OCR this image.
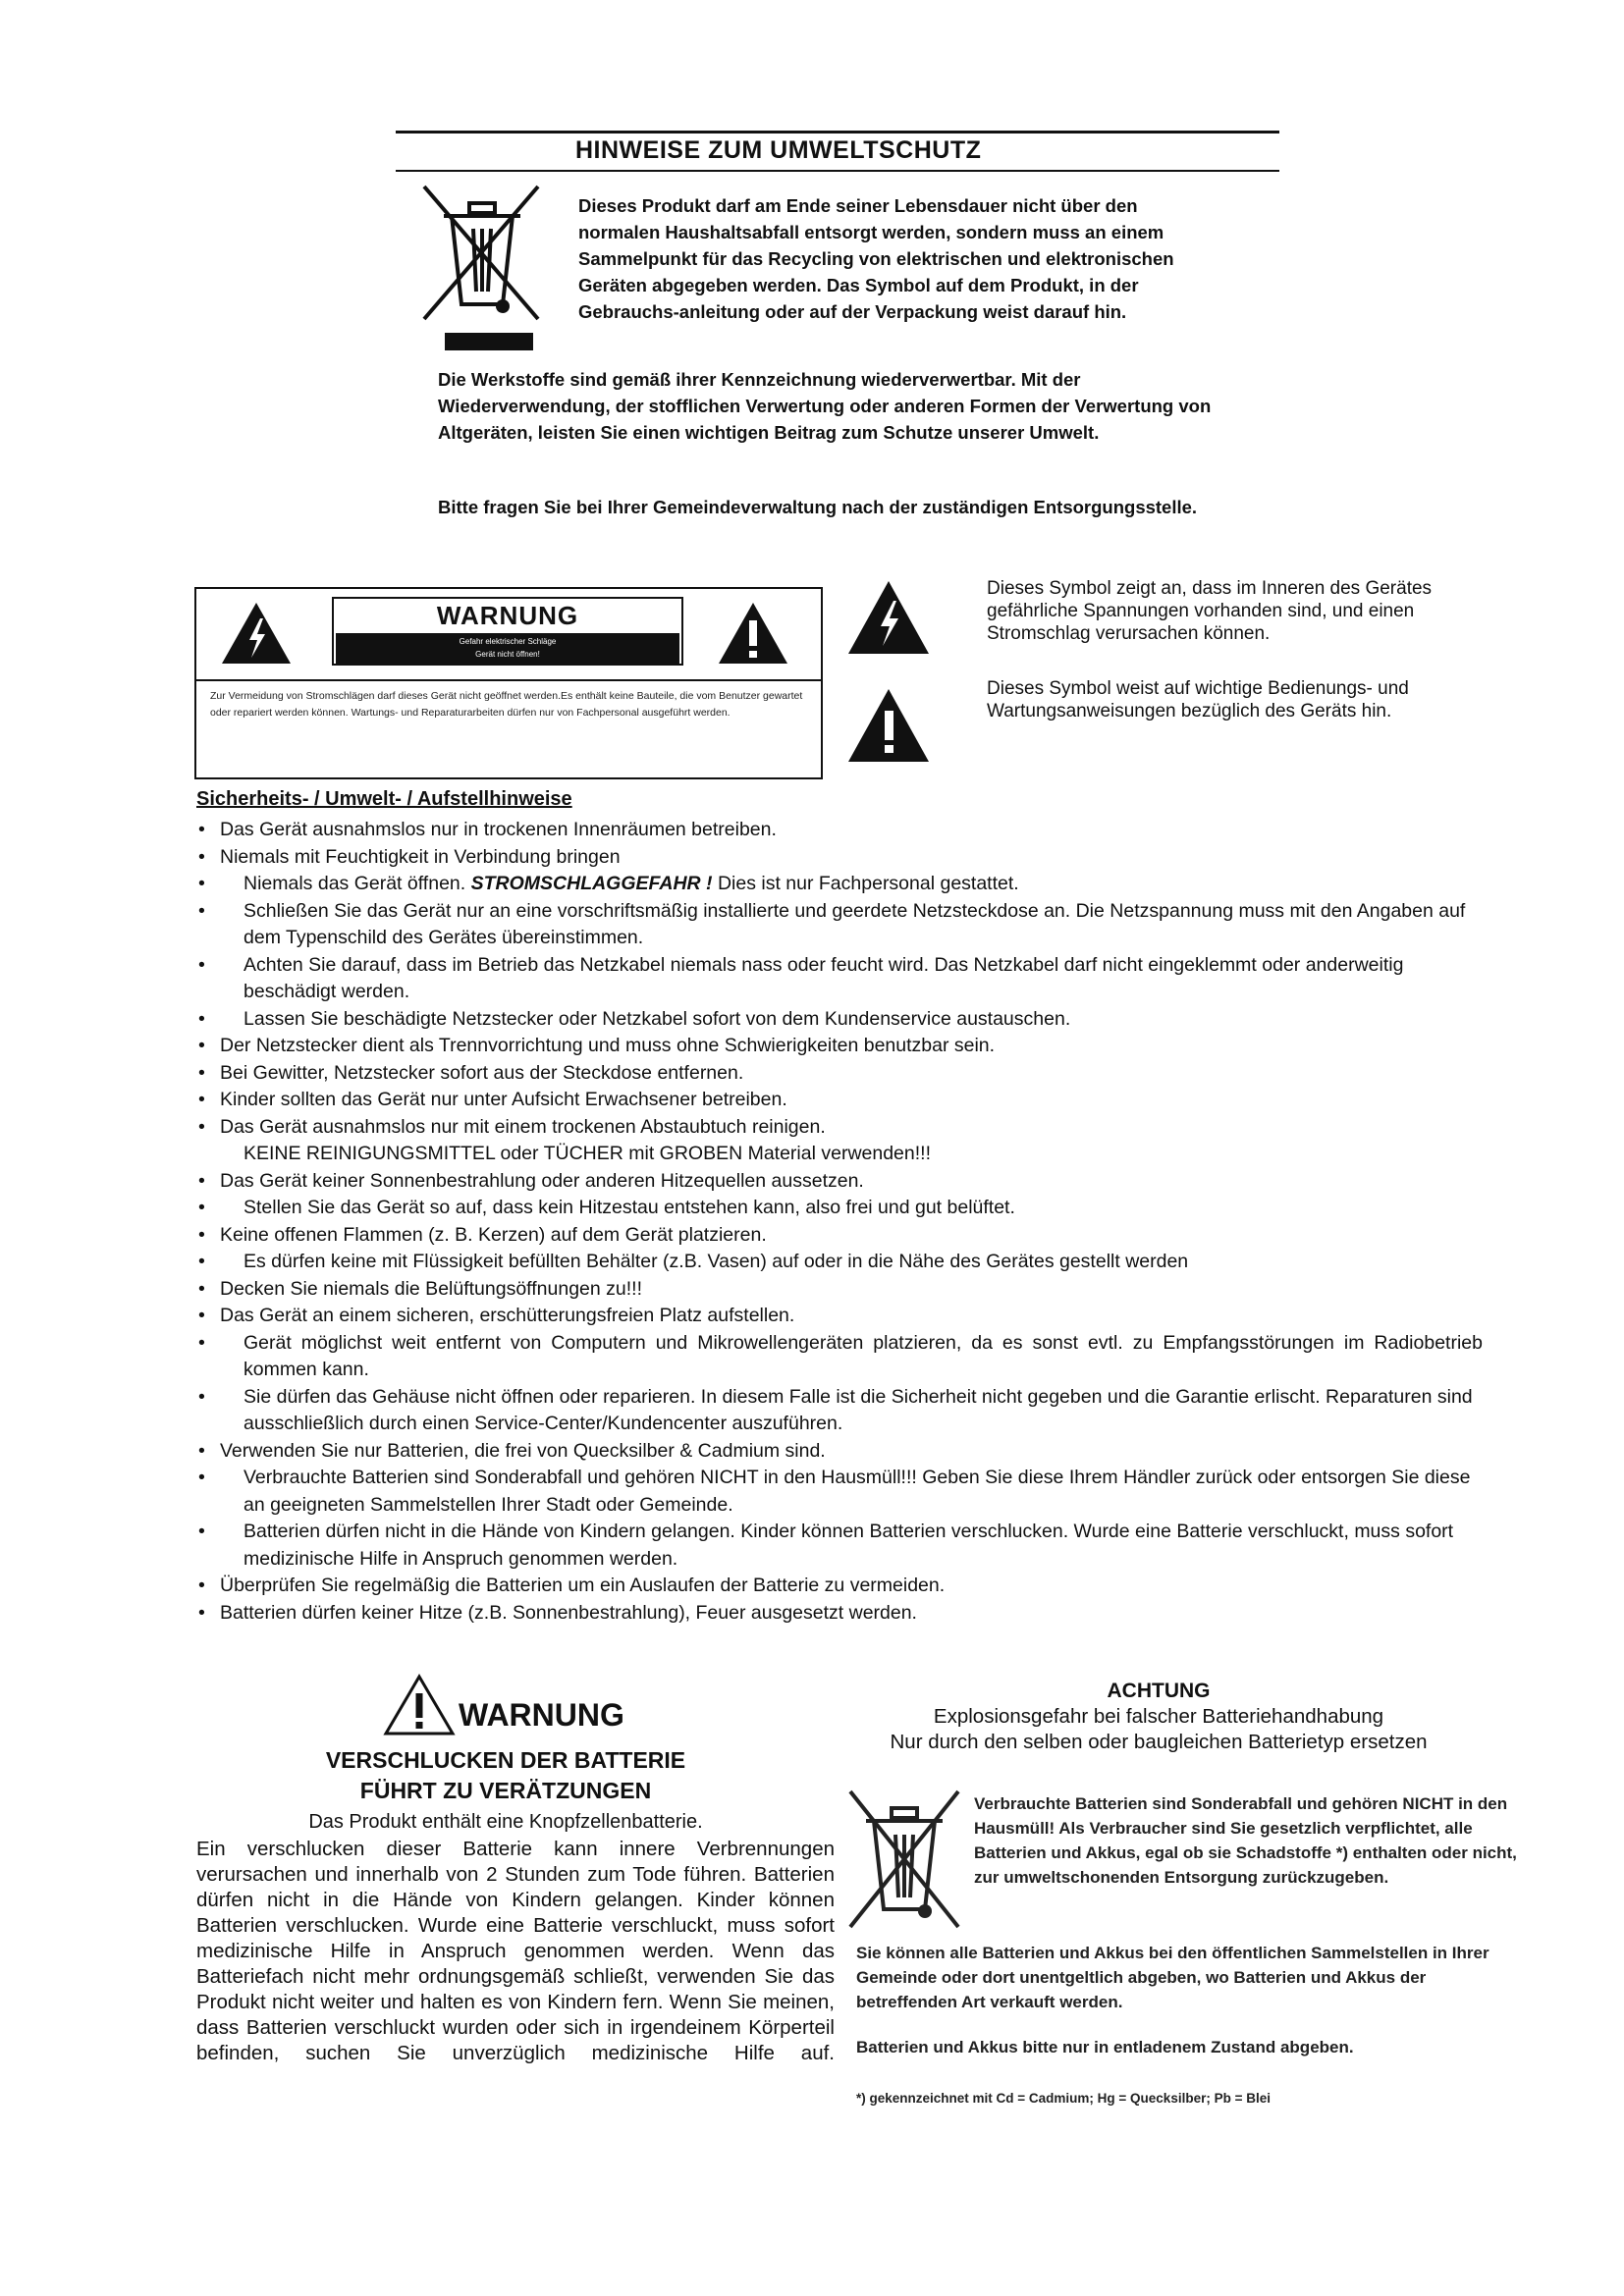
HINWEISE ZUM UMWELTSCHUTZ

Dieses Produkt darf am Ende seiner Lebensdauer nicht über den normalen Haushaltsabfall entsorgt werden, sondern muss an einem Sammelpunkt für das Recycling von elektrischen und elektronischen Geräten abgegeben werden. Das Symbol auf dem Produkt, in der Gebrauchs-anleitung oder auf der Verpackung weist darauf hin.

Die Werkstoffe sind gemäß ihrer Kennzeichnung wiederverwertbar. Mit der Wiederverwendung, der stofflichen Verwertung oder anderen Formen der Verwertung von Altgeräten, leisten Sie einen wichtigen Beitrag zum Schutze unserer Umwelt.

Bitte fragen Sie bei Ihrer Gemeindeverwaltung nach der zuständigen Entsorgungsstelle.

WARNUNG
Gefahr elektrischer Schläge
Gerät nicht öffnen!
Zur Vermeidung von Stromschlägen darf dieses Gerät nicht geöffnet werden.Es enthält keine Bauteile, die vom Benutzer gewartet oder repariert werden können. Wartungs- und Reparaturarbeiten dürfen nur von Fachpersonal ausgeführt werden.
Dieses Symbol zeigt an, dass im Inneren des Gerätes gefährliche Spannungen vorhanden sind, und einen Stromschlag verursachen können.
Dieses Symbol weist auf wichtige Bedienungs- und Wartungsanweisungen bezüglich des Geräts hin.
Sicherheits- / Umwelt- / Aufstellhinweise
• Das Gerät ausnahmslos nur in trockenen Innenräumen betreiben.
• Niemals mit Feuchtigkeit in Verbindung bringen
• Niemals das Gerät öffnen. STROMSCHLAGGEFAHR ! Dies ist nur Fachpersonal gestattet.
• Schließen Sie das Gerät nur an eine vorschriftsmäßig installierte und geerdete Netzsteckdose an. Die Netzspannung muss mit den Angaben auf dem Typenschild des Gerätes übereinstimmen.
• Achten Sie darauf, dass im Betrieb das Netzkabel niemals nass oder feucht wird. Das Netzkabel darf nicht eingeklemmt oder anderweitig beschädigt werden.
• Lassen Sie beschädigte Netzstecker oder Netzkabel sofort von dem Kundenservice austauschen.
• Der Netzstecker dient als Trennvorrichtung und muss ohne Schwierigkeiten benutzbar sein.
• Bei Gewitter, Netzstecker sofort aus der Steckdose entfernen.
• Kinder sollten das Gerät nur unter Aufsicht Erwachsener betreiben.
• Das Gerät ausnahmslos nur mit einem trockenen Abstaubtuch reinigen.
KEINE REINIGUNGSMITTEL oder TÜCHER mit GROBEN Material verwenden!!!
• Das Gerät keiner Sonnenbestrahlung oder anderen Hitzequellen aussetzen.
• Stellen Sie das Gerät so auf, dass kein Hitzestau entstehen kann, also frei und gut belüftet.
• Keine offenen Flammen (z. B. Kerzen) auf dem Gerät platzieren.
• Es dürfen keine mit Flüssigkeit befüllten Behälter (z.B. Vasen) auf oder in die Nähe des Gerätes gestellt werden
• Decken Sie niemals die Belüftungsöffnungen zu!!!
• Das Gerät an einem sicheren, erschütterungsfreien Platz aufstellen.
• Gerät möglichst weit entfernt von Computern und Mikrowellengeräten platzieren, da es sonst evtl. zu Empfangsstörungen im Radiobetrieb kommen kann.
• Sie dürfen das Gehäuse nicht öffnen oder reparieren. In diesem Falle ist die Sicherheit nicht gegeben und die Garantie erlischt. Reparaturen sind ausschließlich durch einen Service-Center/Kundencenter auszuführen.
• Verwenden Sie nur Batterien, die frei von Quecksilber & Cadmium sind.
• Verbrauchte Batterien sind Sonderabfall und gehören NICHT in den Hausmüll!!! Geben Sie diese Ihrem Händler zurück oder entsorgen Sie diese an geeigneten Sammelstellen Ihrer Stadt oder Gemeinde.
• Batterien dürfen nicht in die Hände von Kindern gelangen. Kinder können Batterien verschlucken. Wurde eine Batterie verschluckt, muss sofort medizinische Hilfe in Anspruch genommen werden.
• Überprüfen Sie regelmäßig die Batterien um ein Auslaufen der Batterie zu vermeiden.
• Batterien dürfen keiner Hitze (z.B. Sonnenbestrahlung), Feuer ausgesetzt werden.
WARNUNG
VERSCHLUCKEN DER BATTERIE
FÜHRT ZU VERÄTZUNGEN
Das Produkt enthält eine Knopfzellenbatterie.
Ein verschlucken dieser Batterie kann innere Verbrennungen verursachen und innerhalb von 2 Stunden zum Tode führen. Batterien dürfen nicht in die Hände von Kindern gelangen. Kinder können Batterien verschlucken. Wurde eine Batterie verschluckt, muss sofort medizinische Hilfe in Anspruch genommen werden. Wenn das Batteriefach nicht mehr ordnungsgemäß schließt, verwenden Sie das Produkt nicht weiter und halten es von Kindern fern. Wenn Sie meinen, dass Batterien verschluckt wurden oder sich in irgendeinem Körperteil befinden, suchen Sie unverzüglich medizinische Hilfe auf.
ACHTUNG
Explosionsgefahr bei falscher Batteriehandhabung
Nur durch den selben oder baugleichen Batterietyp ersetzen

Verbrauchte Batterien sind Sonderabfall und gehören NICHT in den Hausmüll! Als Verbraucher sind Sie gesetzlich verpflichtet, alle Batterien und Akkus, egal ob sie Schadstoffe *) enthalten oder nicht, zur umweltschonenden Entsorgung zurückzugeben.

Sie können alle Batterien und Akkus bei den öffentlichen Sammelstellen in Ihrer Gemeinde oder dort unentgeltlich abgeben, wo Batterien und Akkus der betreffenden Art verkauft werden.

Batterien und Akkus bitte nur in entladenem Zustand abgeben.

*) gekennzeichnet mit Cd = Cadmium; Hg = Quecksilber; Pb = Blei
